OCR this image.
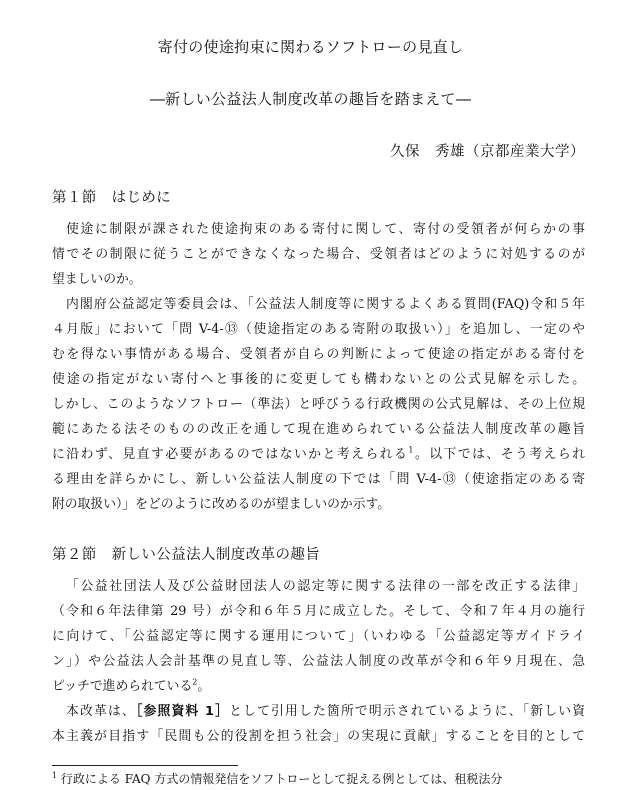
寄付の使途拘束に関わるソフトローの見直し
―新しい公益法人制度改革の趣旨を踏まえて―
久保　秀雄（京都産業大学）
第１節　はじめに
使途に制限が課された使途拘束のある寄付に関して、寄付の受領者が何らかの事
情でその制限に従うことができなくなった場合、受領者はどのように対処するのが
望ましいのか。
内閣府公益認定等委員会は、｢公益法人制度等に関するよくある質問(FAQ)令和５年
４月版」において「問 V-4-⑬（使途指定のある寄附の取扱い）」を追加し、一定のや
むを得ない事情がある場合、受領者が自らの判断によって使途の指定がある寄付を
使途の指定がない寄付へと事後的に変更しても構わないとの公式見解を示した。
しかし、このようなソフトロー（準法）と呼びうる行政機関の公式見解は、その上位規
範にあたる法そのものの改正を通して現在進められている公益法人制度改革の趣旨
に沿わず、見直す必要があるのではないかと考えられる$^1$。以下では、そう考えられ
る理由を詳らかにし、新しい公益法人制度の下では「問 V-4-⑬（使途指定のある寄
附の取扱い）」をどのように改めるのが望ましいのか示す。
第２節　新しい公益法人制度改革の趣旨
「公益社団法人及び公益財団法人の認定等に関する法律の一部を改正する法律」
（令和６年法律第 29 号）が令和６年５月に成立した。そして、令和７年４月の施行
に向けて、「公益認定等に関する運用について」（いわゆる「公益認定等ガイドライ
ン」）や公益法人会計基準の見直し等、公益法人制度の改革が令和６年９月現在、急
ピッチで進められている$^2$。
本改革は、［参照資料 1］として引用した箇所で明示されているように、「新しい資
本主義が目指す「民間も公的役割を担う社会」の実現に貢献」することを目的として
$^1$ 行政による FAQ 方式の情報発信をソフトローとして捉える例としては、租税法分
